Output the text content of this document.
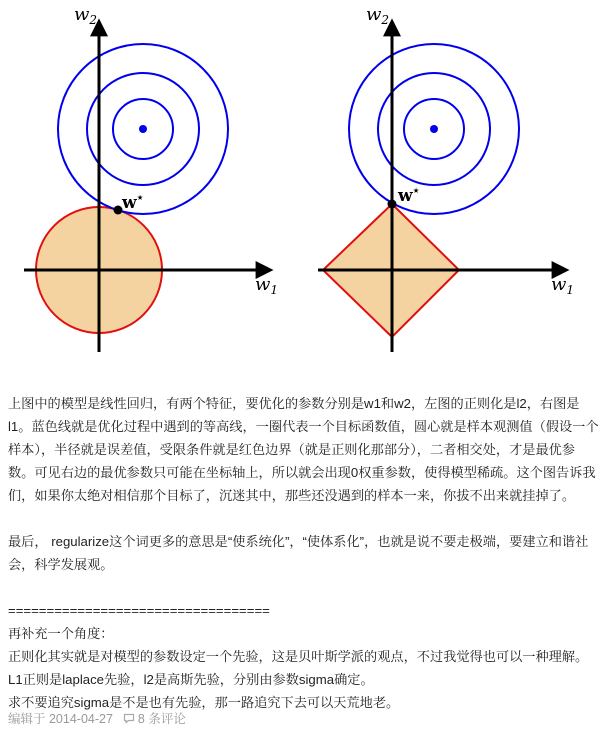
w⋆
$w_2$
$w_1$
w⋆
$w_2$
$w_1$

上图中的模型是线性回归，有两个特征，要优化的参数分别是w1和w2，左图的正则化是l2，右图是

l1。蓝色线就是优化过程中遇到的等高线，一圈代表一个目标函数值，圆心就是样本观测值（假设一个

样本），半径就是误差值，受限条件就是红色边界（就是正则化那部分），二者相交处，才是最优参

数。可见右边的最优参数只可能在坐标轴上，所以就会出现0权重参数，使得模型稀疏。这个图告诉我

们，如果你太绝对相信那个目标了，沉迷其中，那些还没遇到的样本一来，你拔不出来就挂掉了。

最后， regularize这个词更多的意思是“使系统化”，“使体系化”，也就是说不要走极端，要建立和谐社

会，科学发展观。

==================================

再补充一个角度：

正则化其实就是对模型的参数设定一个先验，这是贝叶斯学派的观点，不过我觉得也可以一种理解。

L1正则是laplace先验，l2是高斯先验，分别由参数sigma确定。

求不要追究sigma是不是也有先验，那一路追究下去可以天荒地老。

编辑于 2014-04-27 8 条评论
